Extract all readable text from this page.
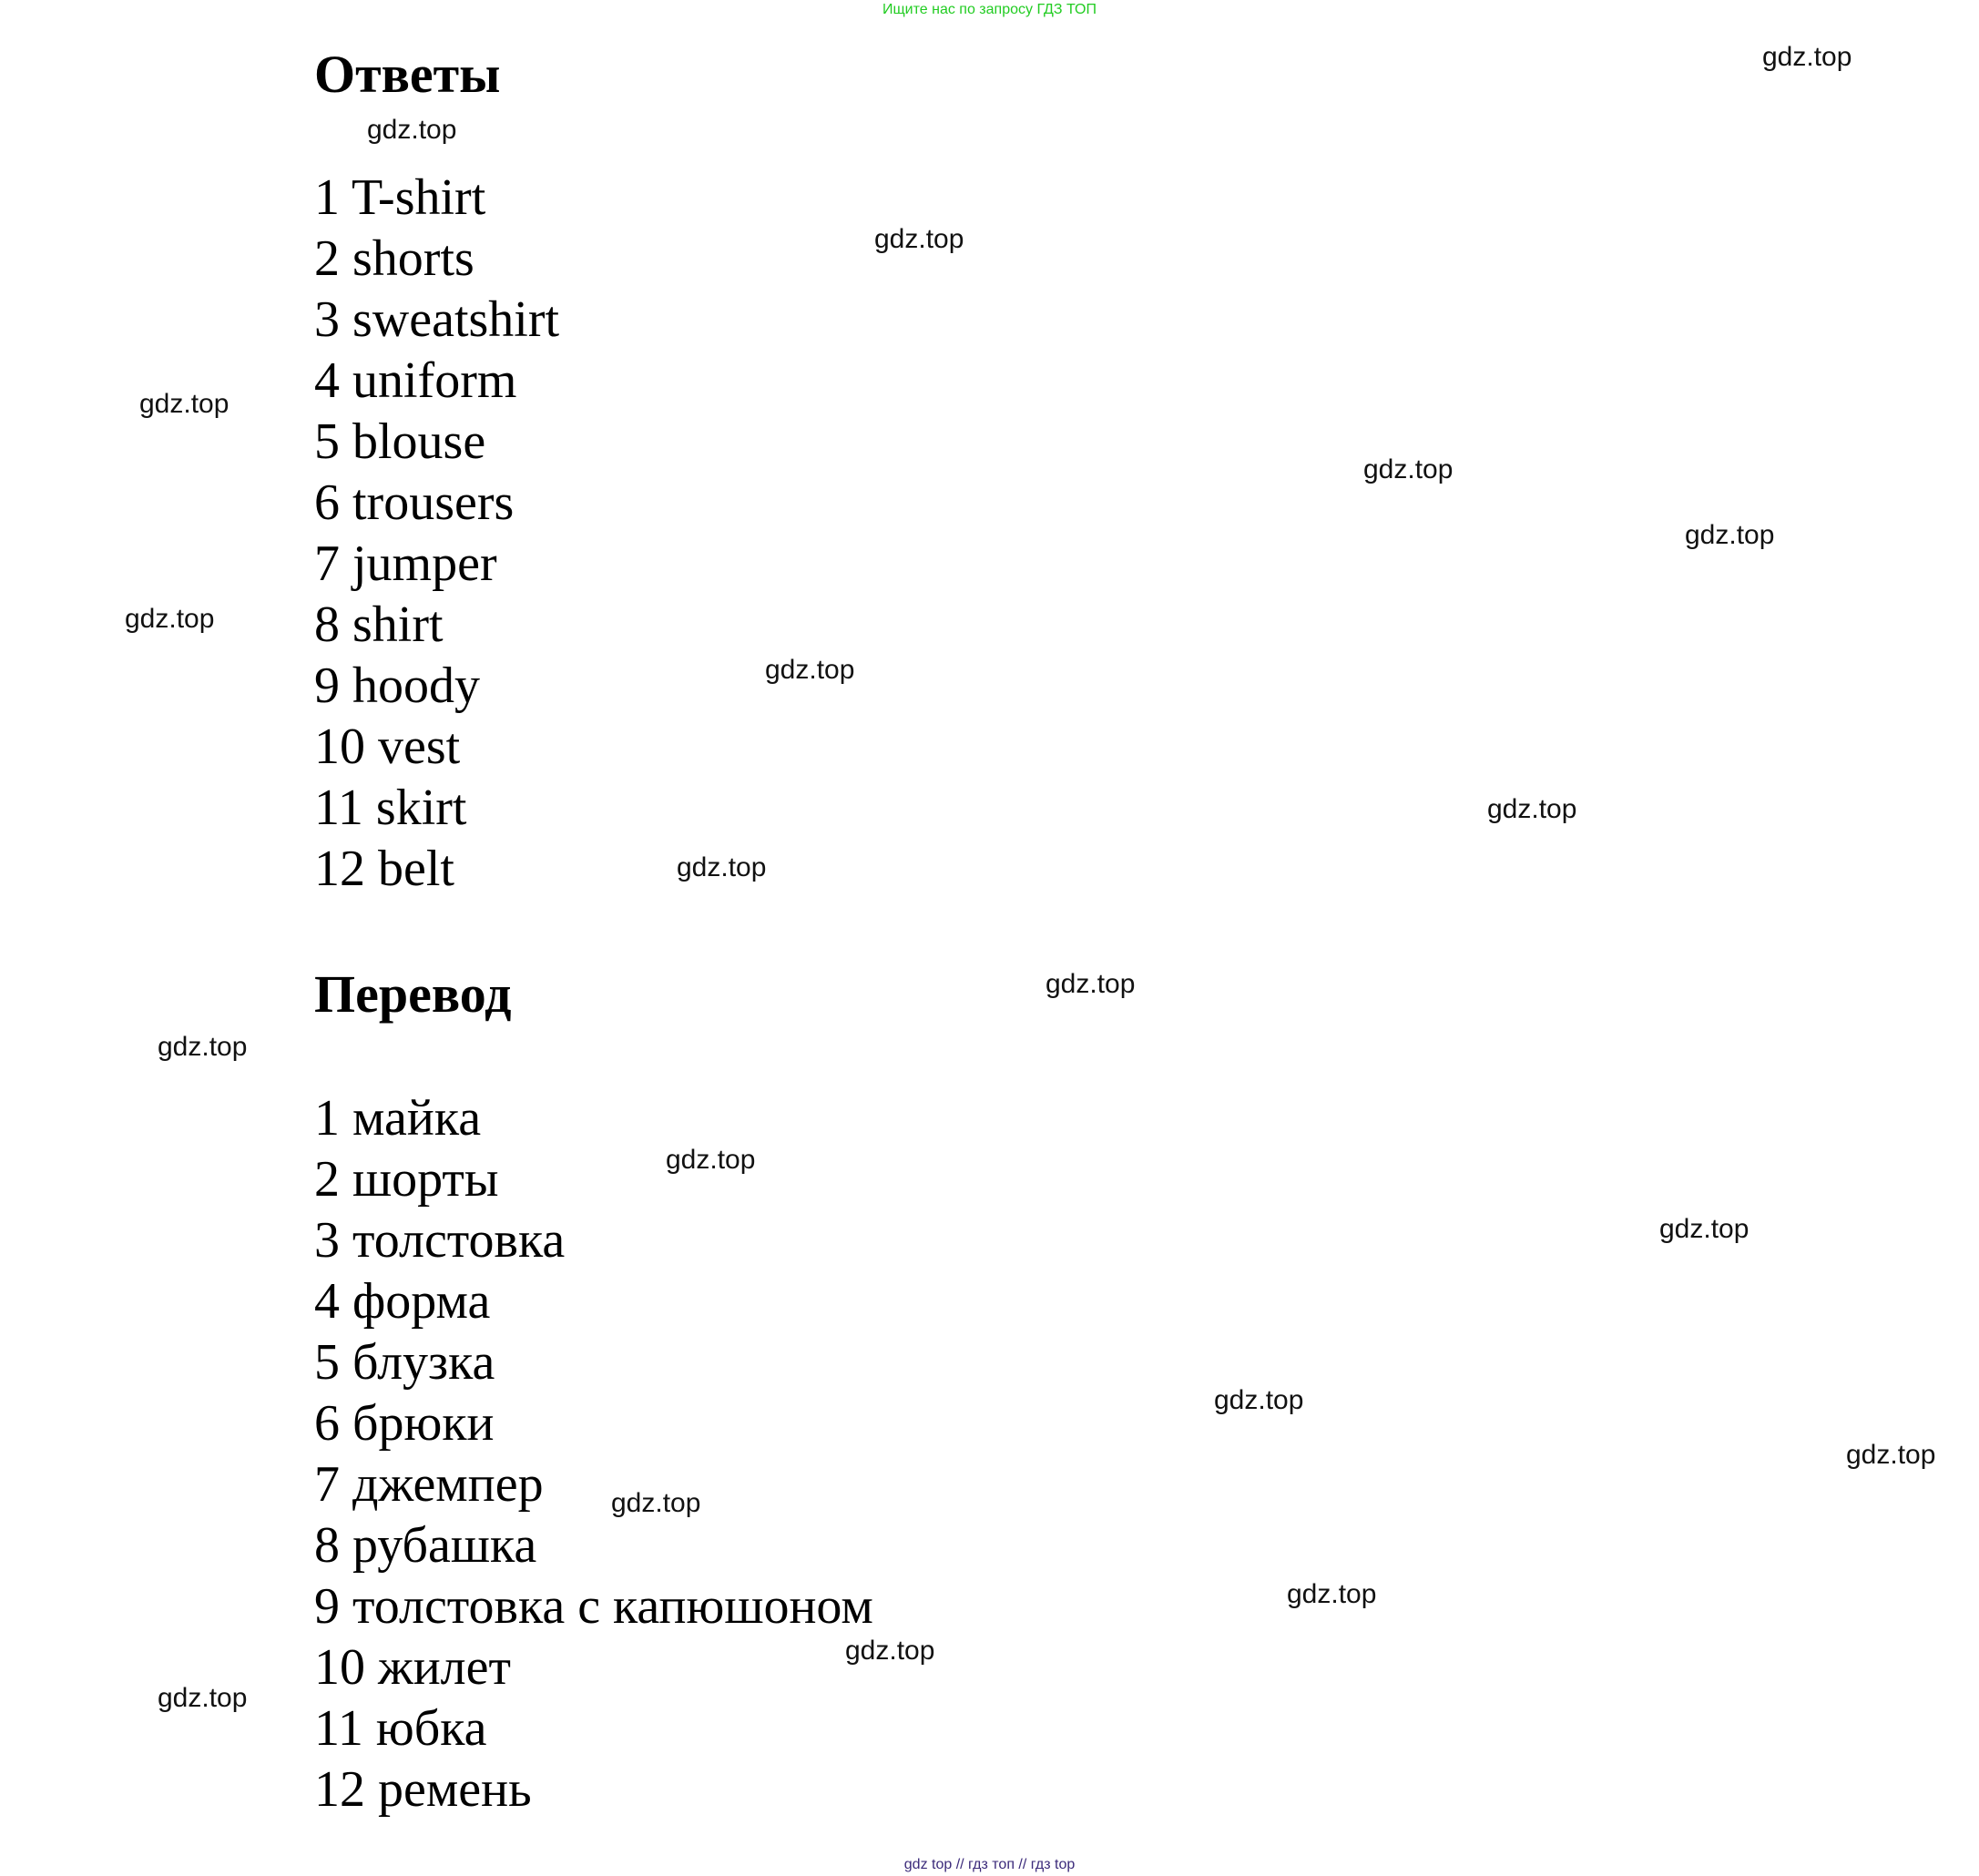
Ищите нас по запросу ГДЗ ТОП
Ответы
1 T-shirt
2 shorts
3 sweatshirt
4 uniform
5 blouse
6 trousers
7 jumper
8 shirt
9 hoody
10 vest
11 skirt
12 belt
Перевод
1 майка
2 шорты
3 толстовка
4 форма
5 блузка
6 брюки
7 джемпер
8 рубашка
9 толстовка с капюшоном
10 жилет
11 юбка
12 ремень
gdz.top
gdz.top
gdz.top
gdz.top
gdz.top
gdz.top
gdz.top
gdz.top
gdz.top
gdz.top
gdz.top
gdz.top
gdz.top
gdz.top
gdz.top
gdz.top
gdz.top
gdz.top
gdz.top
gdz.top
gdz top // гдз топ // гдз top
